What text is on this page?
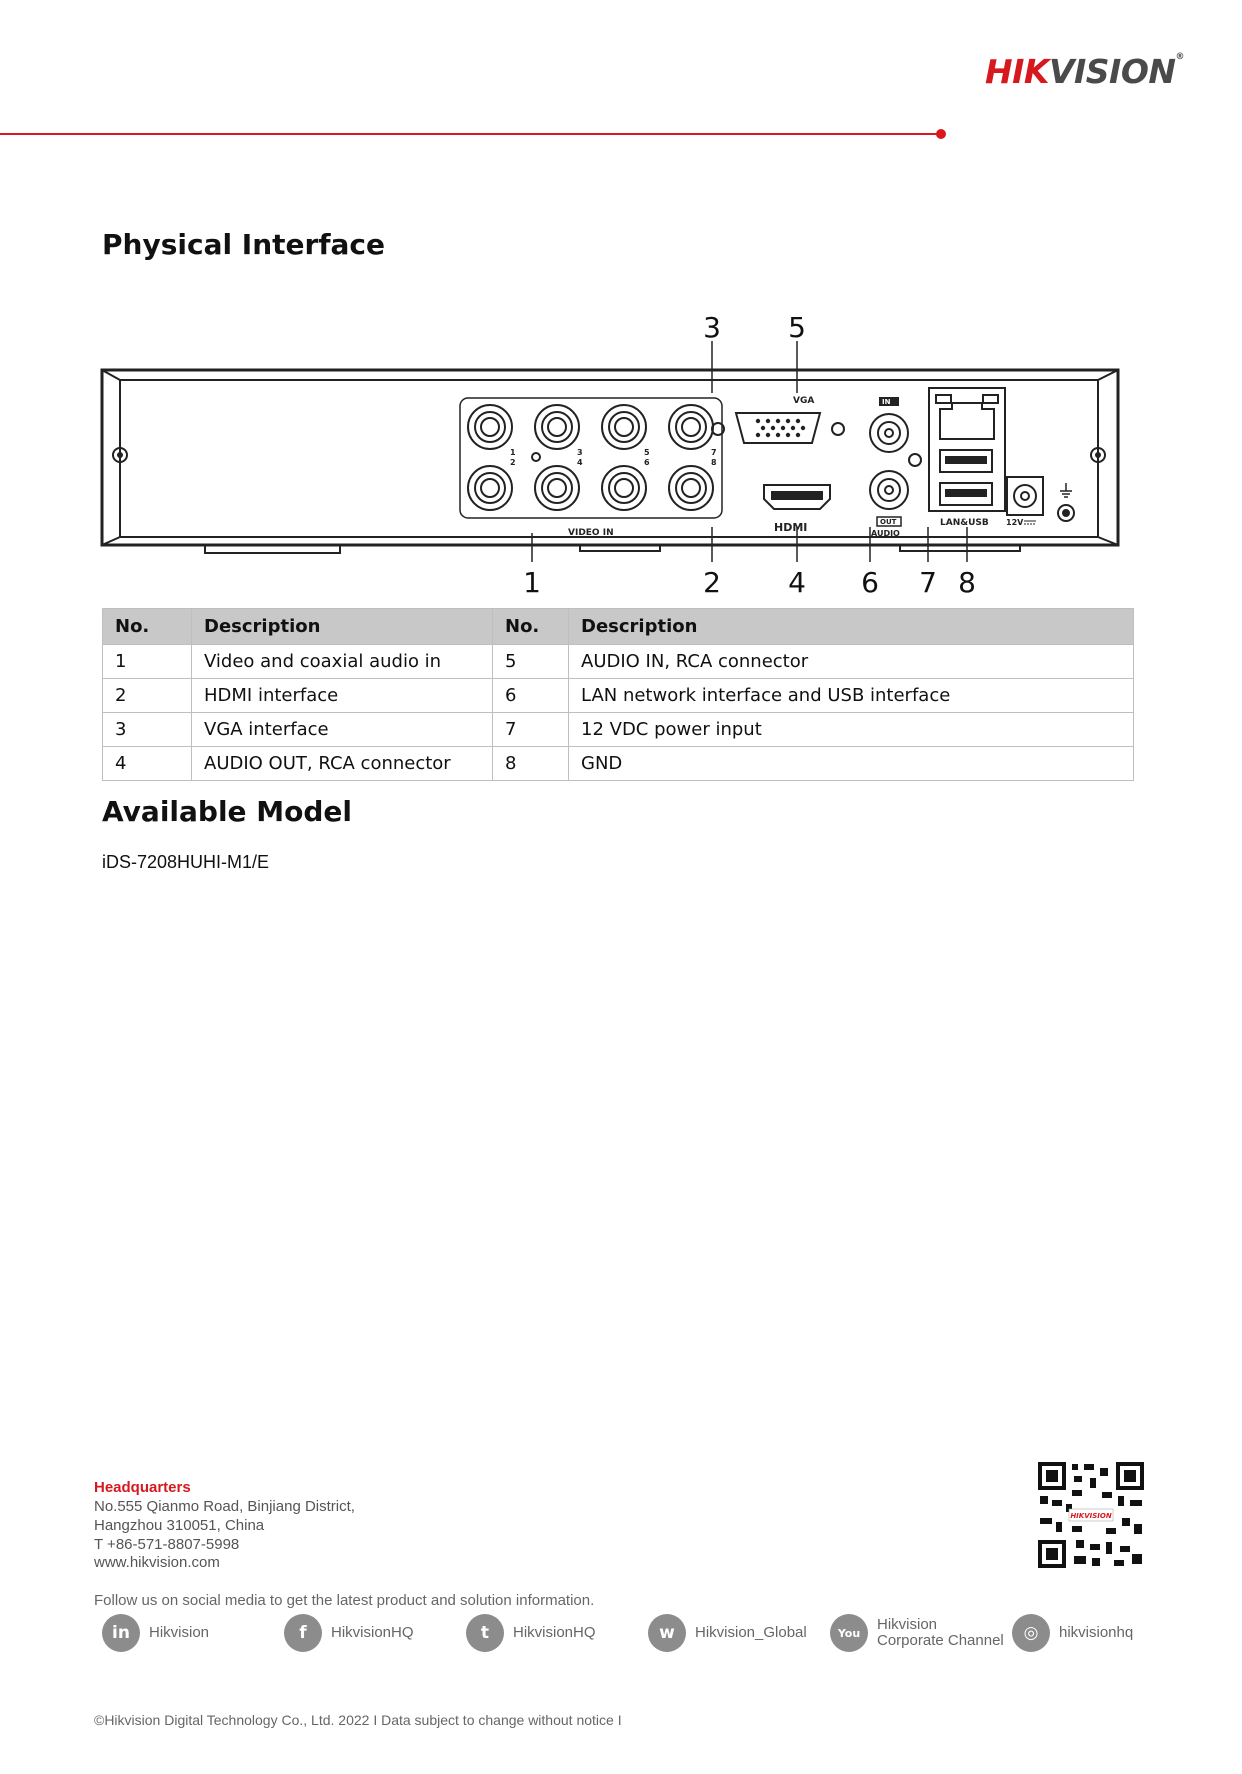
HIKVISION®
Physical Interface
1
2
3
4
5
6
7
8
VIDEO IN
VGA
HDMI
IN
OUT
AUDIO
LAN&USB 12V
1	2
3
4
5
6 7 8
No.	Description	No.	Description
1	Video and coaxial audio in	5	AUDIO IN, RCA connector
2	HDMI interface	6	LAN network interface and USB interface
3	VGA interface	7	12 VDC power input
4	AUDIO OUT, RCA connector	8	GND
Available Model
iDS-7208HUHI-M1/E
Headquarters
No.555 Qianmo Road, Binjiang District,
Hangzhou 310051, China
T +86-571-8807-5998
www.hikvision.com
HIKVISION
Follow us on social media to get the latest product and solution information.
in	Hikvision	f	HikvisionHQ	t	HikvisionHQ	w	Hikvision_Global	You	Hikvision
Corporate Channel	◎	hikvisionhq
©Hikvision Digital Technology Co., Ltd. 2022 I Data subject to change without notice I
